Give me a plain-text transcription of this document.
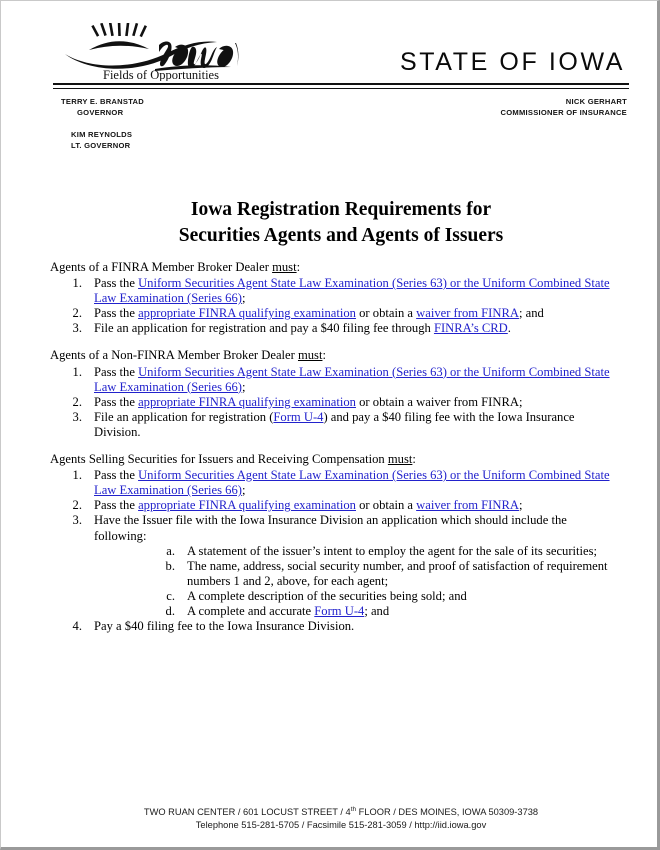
Fields of Opportunities	STATE OF IOWA
TERRY E. BRANSTAD
GOVERNOR
KIM REYNOLDS
LT. GOVERNOR
NICK GERHART
COMMISSIONER OF INSURANCE
Iowa Registration Requirements for
Securities Agents and Agents of Issuers
Agents of a FINRA Member Broker Dealer must:
1. Pass the Uniform Securities Agent State Law Examination (Series 63) or the Uniform Combined State Law Examination (Series 66);
2. Pass the appropriate FINRA qualifying examination or obtain a waiver from FINRA; and
3. File an application for registration and pay a $40 filing fee through FINRA’s CRD.
Agents of a Non-FINRA Member Broker Dealer must:
1. Pass the Uniform Securities Agent State Law Examination (Series 63) or the Uniform Combined State Law Examination (Series 66);
2. Pass the appropriate FINRA qualifying examination or obtain a waiver from FINRA;
3. File an application for registration (Form U-4) and pay a $40 filing fee with the Iowa Insurance Division.
Agents Selling Securities for Issuers and Receiving Compensation must:
1. Pass the Uniform Securities Agent State Law Examination (Series 63) or the Uniform Combined State Law Examination (Series 66);
2. Pass the appropriate FINRA qualifying examination or obtain a waiver from FINRA;
3. Have the Issuer file with the Iowa Insurance Division an application which should include the following:
a. A statement of the issuer’s intent to employ the agent for the sale of its securities;
b. The name, address, social security number, and proof of satisfaction of requirement numbers 1 and 2, above, for each agent;
c. A complete description of the securities being sold; and
d. A complete and accurate Form U-4; and
4. Pay a $40 filing fee to the Iowa Insurance Division.
TWO RUAN CENTER / 601 LOCUST STREET / 4th FLOOR / DES MOINES, IOWA 50309-3738
Telephone 515-281-5705 / Facsimile 515-281-3059 / http://iid.iowa.gov
